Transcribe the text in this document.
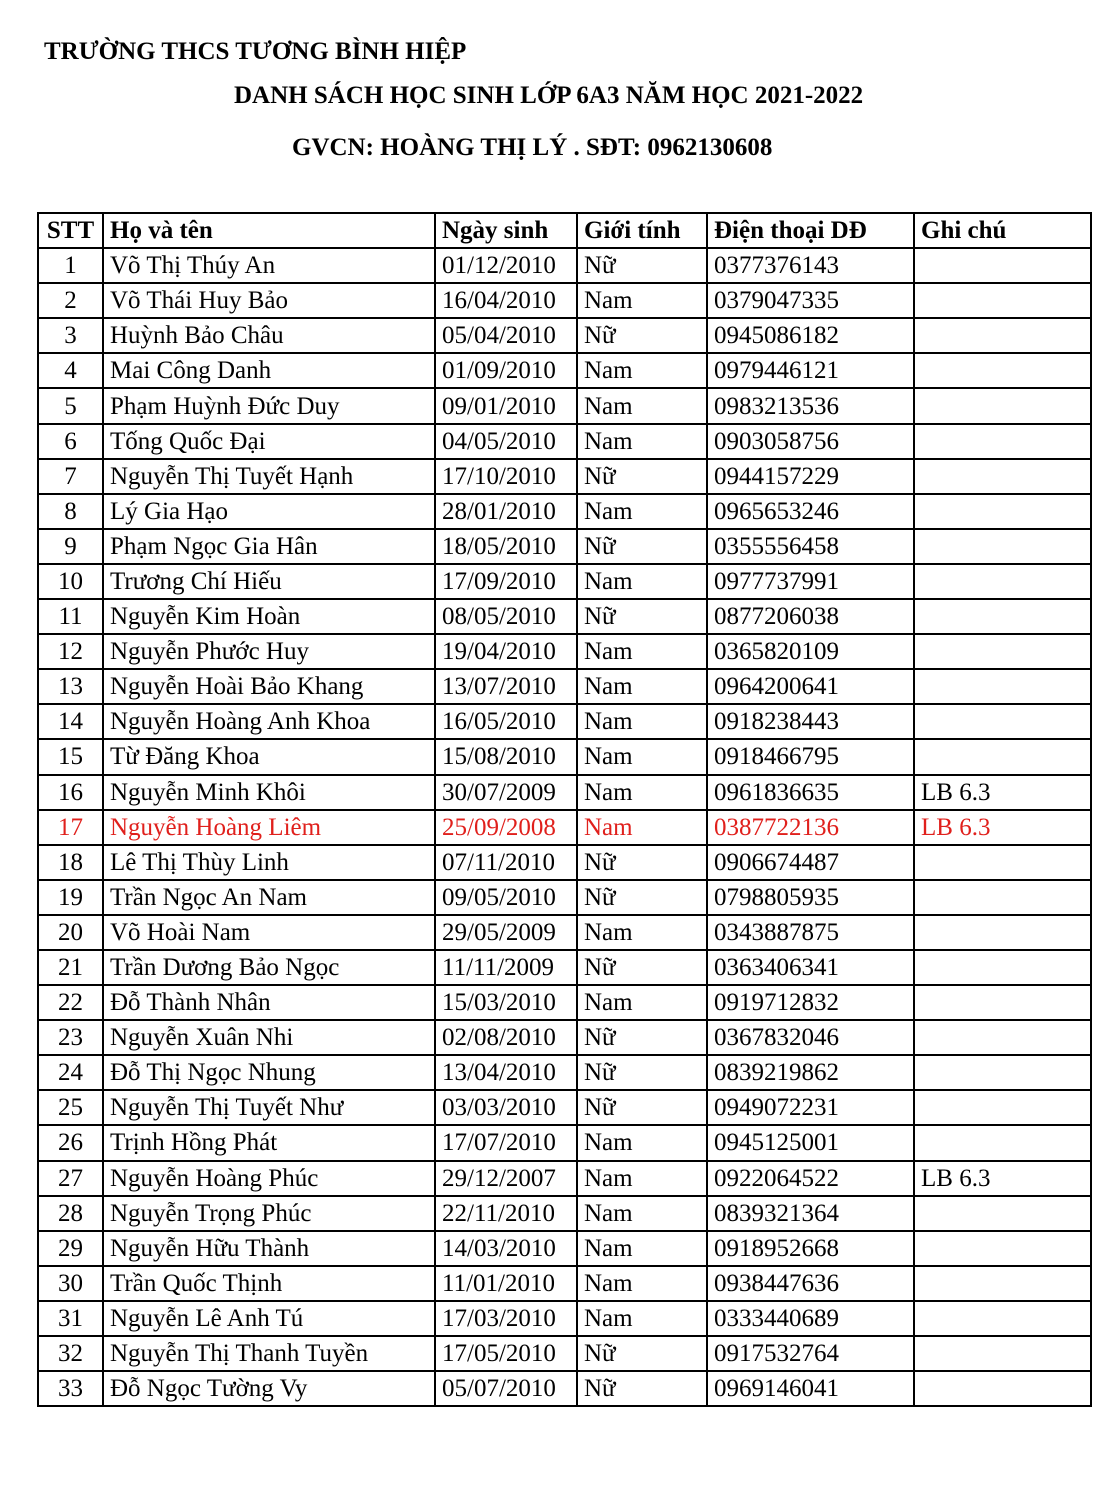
TRƯỜNG THCS TƯƠNG BÌNH HIỆP
DANH SÁCH HỌC SINH LỚP 6A3 NĂM HỌC 2021-2022
GVCN: HOÀNG THỊ LÝ . SĐT: 0962130608
STT	Họ và tên	Ngày sinh	Giới tính	Điện thoại DĐ	Ghi chú
1	Võ Thị Thúy An	01/12/2010	Nữ	0377376143	
2	Võ Thái Huy Bảo	16/04/2010	Nam	0379047335	
3	Huỳnh Bảo Châu	05/04/2010	Nữ	0945086182	
4	Mai Công Danh	01/09/2010	Nam	0979446121	
5	Phạm Huỳnh Đức Duy	09/01/2010	Nam	0983213536	
6	Tống Quốc Đại	04/05/2010	Nam	0903058756	
7	Nguyễn Thị Tuyết Hạnh	17/10/2010	Nữ	0944157229	
8	Lý Gia Hạo	28/01/2010	Nam	0965653246	
9	Phạm Ngọc Gia Hân	18/05/2010	Nữ	0355556458	
10	Trương Chí Hiếu	17/09/2010	Nam	0977737991	
11	Nguyễn Kim Hoàn	08/05/2010	Nữ	0877206038	
12	Nguyễn Phước Huy	19/04/2010	Nam	0365820109	
13	Nguyễn Hoài Bảo Khang	13/07/2010	Nam	0964200641	
14	Nguyễn Hoàng Anh Khoa	16/05/2010	Nam	0918238443	
15	Từ Đăng Khoa	15/08/2010	Nam	0918466795	
16	Nguyễn Minh Khôi	30/07/2009	Nam	0961836635	LB 6.3
17	Nguyễn Hoàng Liêm	25/09/2008	Nam	0387722136	LB 6.3
18	Lê Thị Thùy Linh	07/11/2010	Nữ	0906674487	
19	Trần Ngọc An Nam	09/05/2010	Nữ	0798805935	
20	Võ Hoài Nam	29/05/2009	Nam	0343887875	
21	Trần Dương Bảo Ngọc	11/11/2009	Nữ	0363406341	
22	Đỗ Thành Nhân	15/03/2010	Nam	0919712832	
23	Nguyễn Xuân Nhi	02/08/2010	Nữ	0367832046	
24	Đỗ Thị Ngọc Nhung	13/04/2010	Nữ	0839219862	
25	Nguyễn Thị Tuyết Như	03/03/2010	Nữ	0949072231	
26	Trịnh Hồng Phát	17/07/2010	Nam	0945125001	
27	Nguyễn Hoàng Phúc	29/12/2007	Nam	0922064522	LB 6.3
28	Nguyễn Trọng Phúc	22/11/2010	Nam	0839321364	
29	Nguyễn Hữu Thành	14/03/2010	Nam	0918952668	
30	Trần Quốc Thịnh	11/01/2010	Nam	0938447636	
31	Nguyễn Lê Anh Tú	17/03/2010	Nam	0333440689	
32	Nguyễn Thị Thanh Tuyền	17/05/2010	Nữ	0917532764	
33	Đỗ Ngọc Tường Vy	05/07/2010	Nữ	0969146041	
